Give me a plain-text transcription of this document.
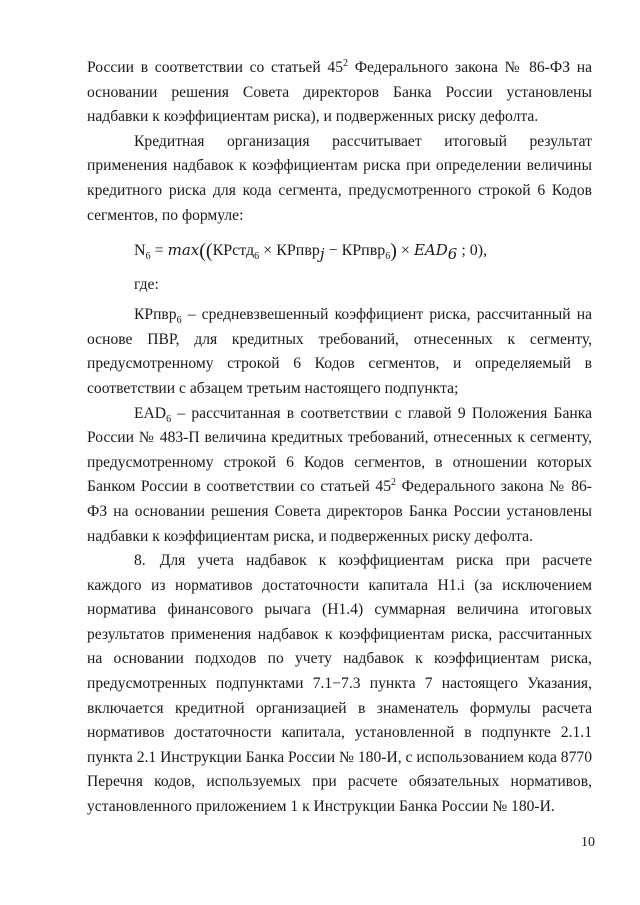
России в соответствии со статьей $45^2$ Федерального закона № 86-ФЗ на основании решения Совета директоров Банка России установлены надбавки к коэффициентам риска), и подверженных риску дефолта.

Кредитная организация рассчитывает итоговый результат применения надбавок к коэффициентам риска при определении величины кредитного риска для кода сегмента, предусмотренного строкой 6 Кодов сегментов, по формуле:

$N_6$ = max((КРстд$_6$ × КРпвр$_j$ − КРпвр$_6$) × $EAD_6$ ; 0),
где:

КРпвр$_6$ – средневзвешенный коэффициент риска, рассчитанный на основе ПВР, для кредитных требований, отнесенных к сегменту, предусмотренному строкой 6 Кодов сегментов, и определяемый в соответствии с абзацем третьим настоящего подпункта;

$EAD_6$ – рассчитанная в соответствии с главой 9 Положения Банка России № 483-П величина кредитных требований, отнесенных к сегменту, предусмотренному строкой 6 Кодов сегментов, в отношении которых Банком России в соответствии со статьей $45^2$ Федерального закона № 86-ФЗ на основании решения Совета директоров Банка России установлены надбавки к коэффициентам риска, и подверженных риску дефолта.

8. Для учета надбавок к коэффициентам риска при расчете каждого из нормативов достаточности капитала Н1.i (за исключением норматива финансового рычага (Н1.4) суммарная величина итоговых результатов применения надбавок к коэффициентам риска, рассчитанных на основании подходов по учету надбавок к коэффициентам риска, предусмотренных подпунктами 7.1−7.3 пункта 7 настоящего Указания, включается кредитной организацией в знаменатель формулы расчета нормативов достаточности капитала, установленной в подпункте 2.1.1 пункта 2.1 Инструкции Банка России № 180-И, с использованием кода 8770 Перечня кодов, используемых при расчете обязательных нормативов, установленного приложением 1 к Инструкции Банка России № 180-И.

10
